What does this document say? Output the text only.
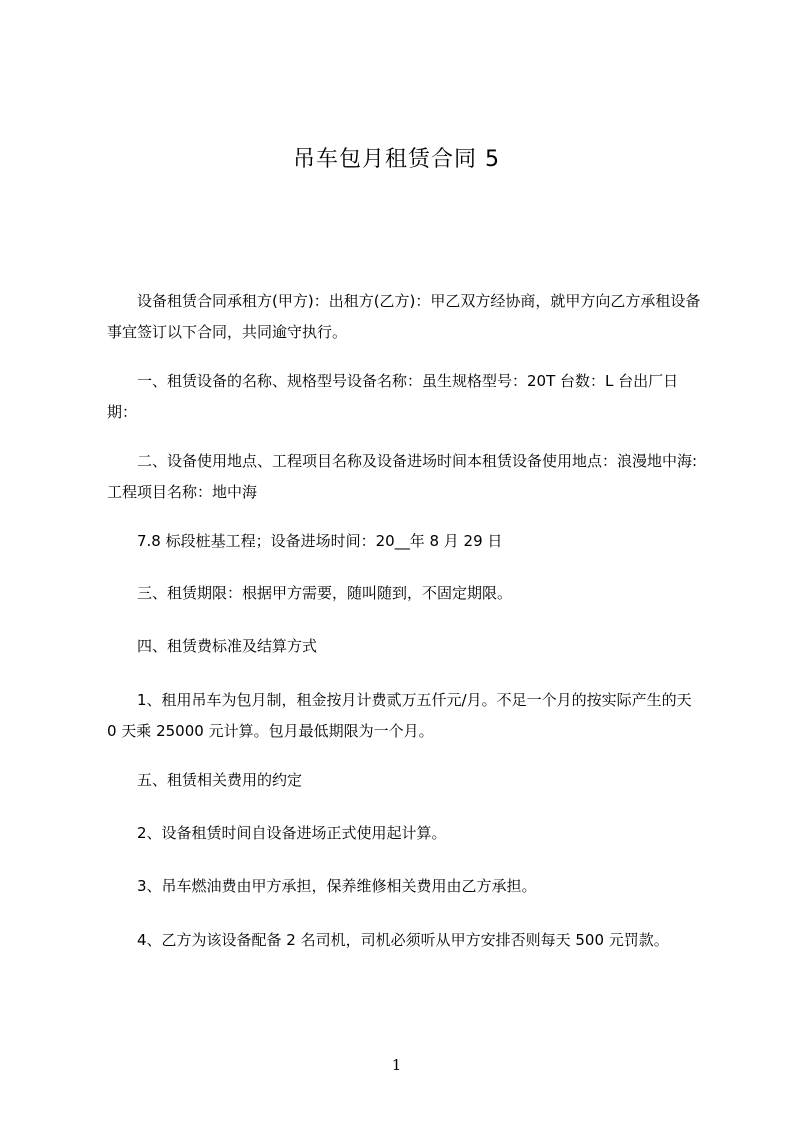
吊车包月租赁合同 5

设备租赁合同承租方(甲方)：出租方(乙方)：甲乙双方经协商，就甲方向乙方承租设备事宜签订以下合同，共同逾守执行。

一、租赁设备的名称、规格型号设备名称：虽生规格型号：20T 台数：L 台出厂日期：

二、设备使用地点、工程项目名称及设备进场时间本租赁设备使用地点：浪漫地中海:工程项目名称：地中海

7.8 标段桩基工程；设备进场时间：20__年 8 月 29 日

三、租赁期限：根据甲方需要，随叫随到，不固定期限。

四、租赁费标准及结算方式

1、租用吊车为包月制，租金按月计费贰万五仟元/月。不足一个月的按实际产生的天 0 天乘 25000 元计算。包月最低期限为一个月。

五、租赁相关费用的约定

2、设备租赁时间自设备进场正式使用起计算。

3、吊车燃油费由甲方承担，保养维修相关费用由乙方承担。

4、乙方为该设备配备 2 名司机，司机必须听从甲方安排否则每天 500 元罚款。

1
